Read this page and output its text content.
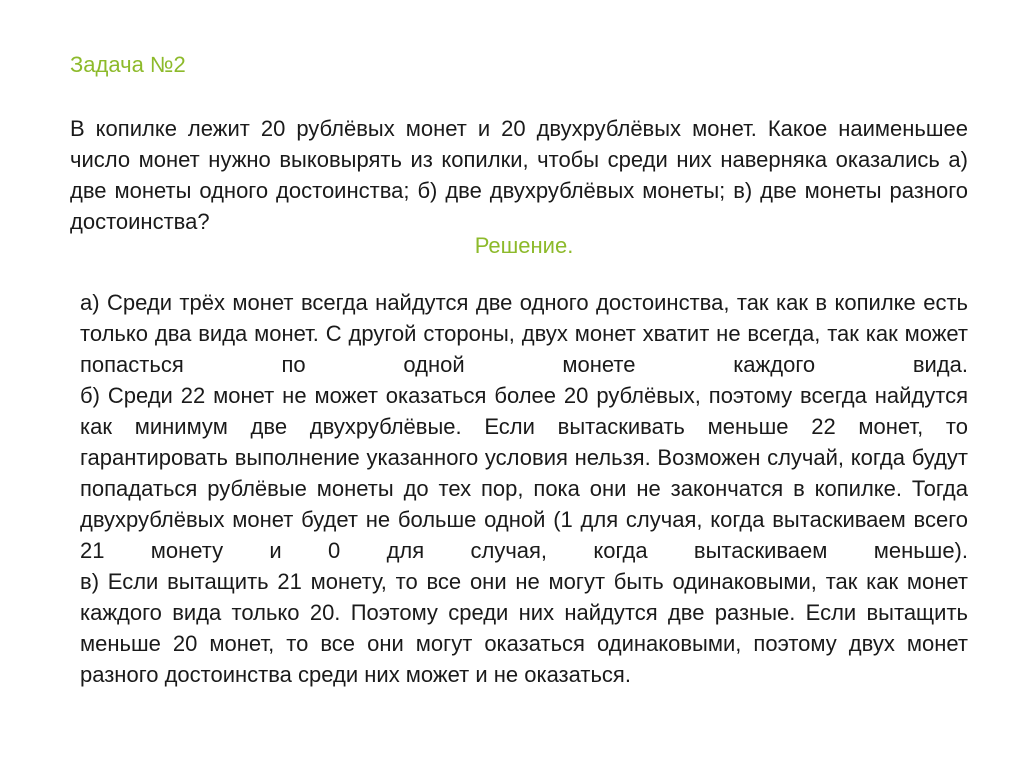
Задача №2

В копилке лежит 20 рублёвых монет и 20 двухрублёвых монет. Какое наименьшее число монет нужно выковырять из копилки, чтобы среди них наверняка оказались а) две монеты одного достоинства; б) две двухрублёвых монеты; в) две монеты разного достоинства?

Решение.

а) Среди трёх монет всегда найдутся две одного достоинства, так как в копилке есть только два вида монет. С другой стороны, двух монет хватит не всегда, так как может попасться по одной монете каждого вида.

б) Среди 22 монет не может оказаться более 20 рублёвых, поэтому всегда найдутся как минимум две двухрублёвые. Если вытаскивать меньше 22 монет, то гарантировать выполнение указанного условия нельзя. Возможен случай, когда будут попадаться рублёвые монеты до тех пор, пока они не закончатся в копилке. Тогда двухрублёвых монет будет не больше одной (1 для случая, когда вытаскиваем всего 21 монету и 0 для случая, когда вытаскиваем меньше).

в) Если вытащить 21 монету, то все они не могут быть одинаковыми, так как монет каждого вида только 20. Поэтому среди них найдутся две разные. Если вытащить меньше 20 монет, то все они могут оказаться одинаковыми, поэтому двух монет разного достоинства среди них может и не оказаться.
